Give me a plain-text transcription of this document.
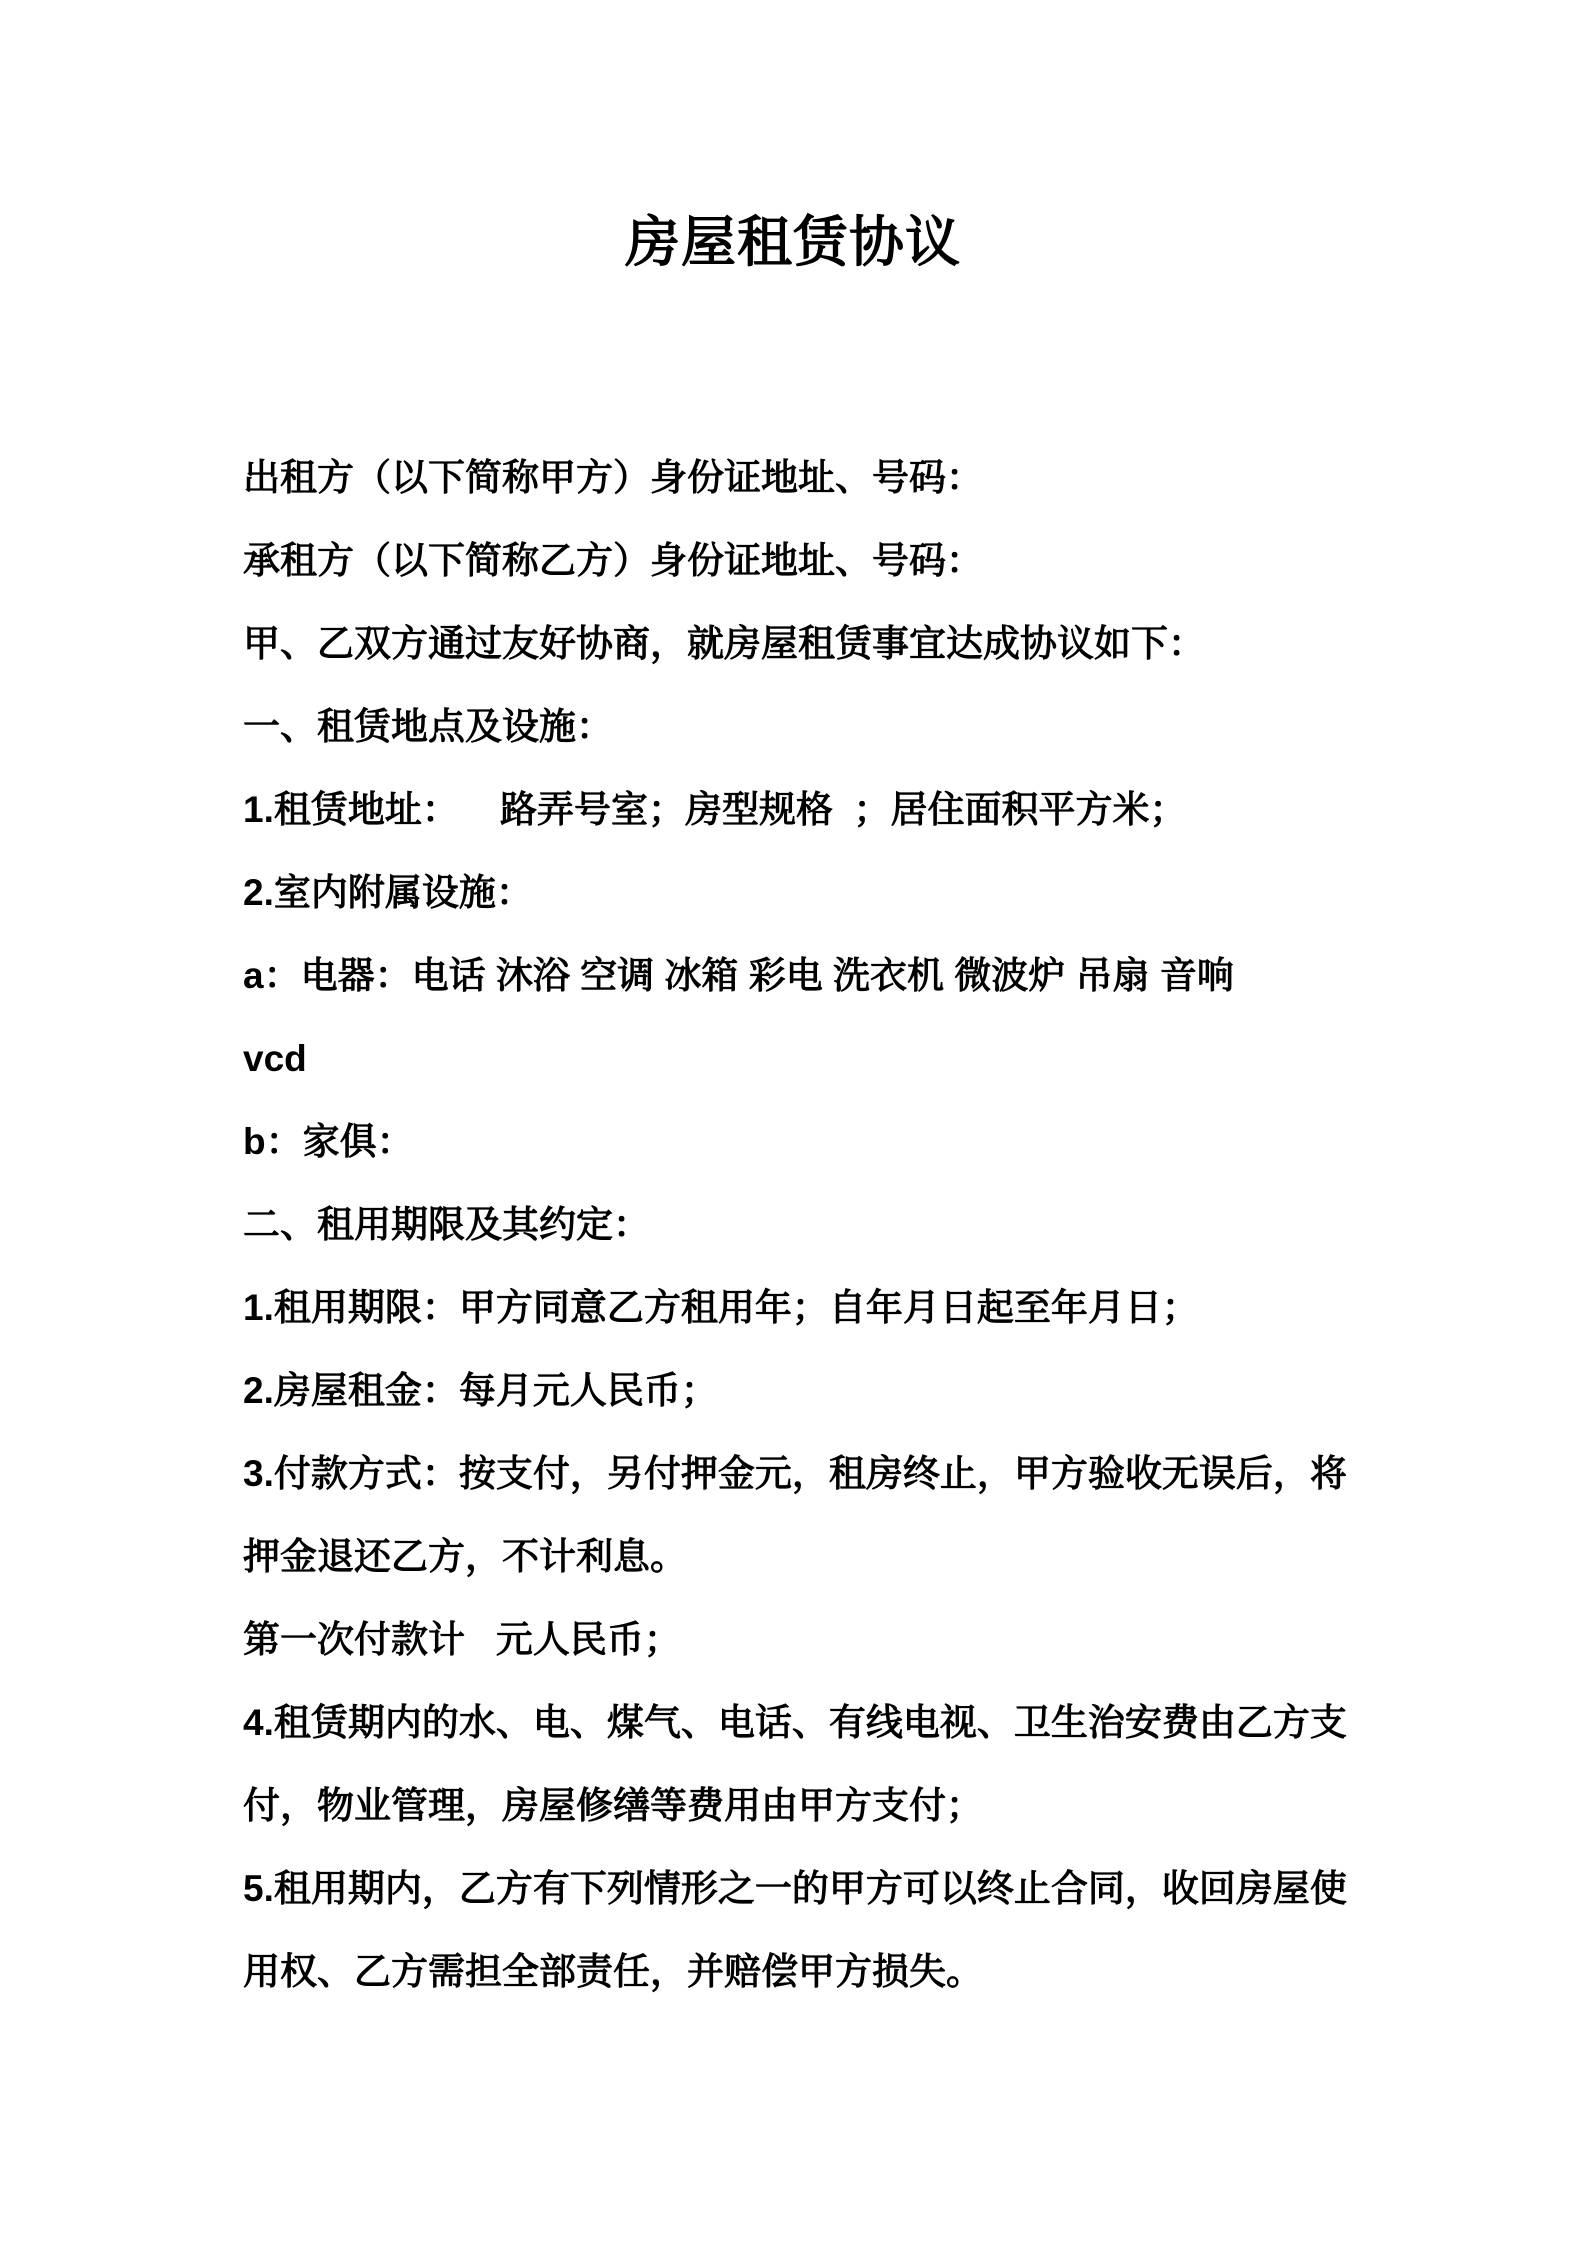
房屋租赁协议
出租方（以下简称甲方）身份证地址、号码：
承租方（以下简称乙方）身份证地址、号码：
甲、乙双方通过友好协商，就房屋租赁事宜达成协议如下：
一、租赁地点及设施：
1.租赁地址：    路弄号室；房型规格  ；居住面积平方米；
2.室内附属设施：
a：电器：电话 沐浴 空调 冰箱 彩电 洗衣机 微波炉 吊扇 音响
vcd
b：家俱：
二、租用期限及其约定：
1.租用期限：甲方同意乙方租用年；自年月日起至年月日；
2.房屋租金：每月元人民币；
3.付款方式：按支付，另付押金元，租房终止，甲方验收无误后，将
押金退还乙方，不计利息。
第一次付款计   元人民币；
4.租赁期内的水、电、煤气、电话、有线电视、卫生治安费由乙方支
付，物业管理，房屋修缮等费用由甲方支付；
5.租用期内，乙方有下列情形之一的甲方可以终止合同，收回房屋使
用权、乙方需担全部责任，并赔偿甲方损失。
